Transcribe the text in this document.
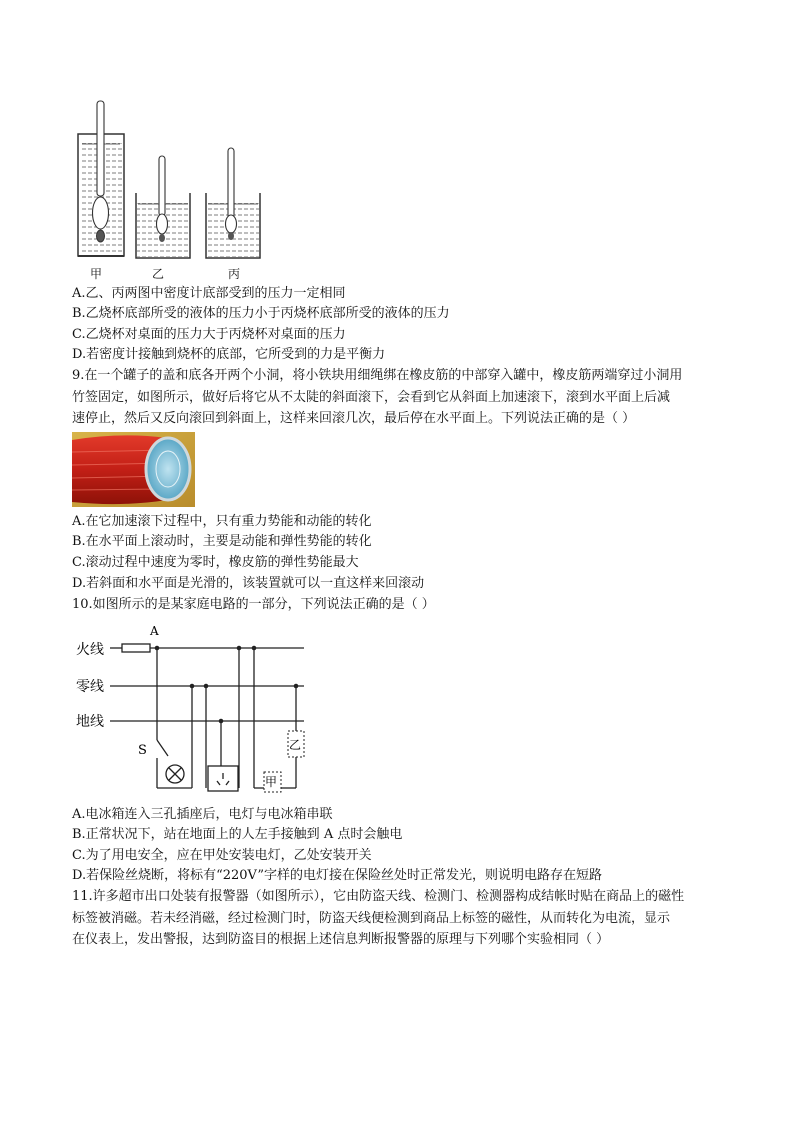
甲	乙	丙
A.乙、丙两图中密度计底部受到的压力一定相同
B.乙烧杯底部所受的液体的压力小于丙烧杯底部所受的液体的压力
C.乙烧杯对桌面的压力大于丙烧杯对桌面的压力
D.若密度计接触到烧杯的底部，它所受到的力是平衡力
9.在一个罐子的盖和底各开两个小洞，将小铁块用细绳绑在橡皮筋的中部穿入罐中，橡皮筋两端穿过小洞用
竹签固定，如图所示，做好后将它从不太陡的斜面滚下，会看到它从斜面上加速滚下，滚到水平面上后减
速停止，然后又反向滚回到斜面上，这样来回滚几次，最后停在水平面上。下列说法正确的是（ ）
A.在它加速滚下过程中，只有重力势能和动能的转化
B.在水平面上滚动时，主要是动能和弹性势能的转化
C.滚动过程中速度为零时，橡皮筋的弹性势能最大
D.若斜面和水平面是光滑的，该装置就可以一直这样来回滚动
10.如图所示的是某家庭电路的一部分，下列说法正确的是（ ）
火线
零线
地线
A
S	乙
甲
A.电冰箱连入三孔插座后，电灯与电冰箱串联
B.正常状况下，站在地面上的人左手接触到 A 点时会触电
C.为了用电安全，应在甲处安装电灯，乙处安装开关
D.若保险丝烧断，将标有“220V”字样的电灯接在保险丝处时正常发光，则说明电路存在短路
11.许多超市出口处装有报警器（如图所示），它由防盗天线、检测门、检测器构成结帐时贴在商品上的磁性
标签被消磁。若未经消磁，经过检测门时，防盗天线便检测到商品上标签的磁性，从而转化为电流，显示
在仪表上，发出警报，达到防盗目的根据上述信息判断报警器的原理与下列哪个实验相同（ ）
